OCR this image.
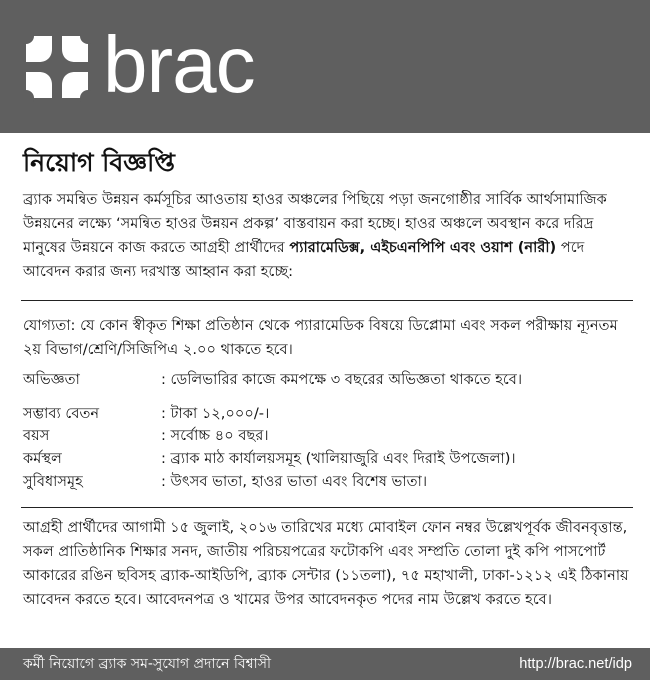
brac
নিয়োগ বিজ্ঞপ্তি
ব্র্যাক সমন্বিত উন্নয়ন কর্মসূচির আওতায় হাওর অঞ্চলের পিছিয়ে পড়া জনগোষ্ঠীর সার্বিক আর্থসামাজিক উন্নয়নের লক্ষ্যে ‘সমন্বিত হাওর উন্নয়ন প্রকল্প’ বাস্তবায়ন করা হচ্ছে। হাওর অঞ্চলে অবস্থান করে দরিদ্র মানুষের উন্নয়নে কাজ করতে আগ্রহী প্রার্থীদের প্যারামেডিক্স, এইচএনপিপি এবং ওয়াশ (নারী) পদে আবেদন করার জন্য দরখাস্ত আহ্বান করা হচ্ছে:
যোগ্যতা: যে কোন স্বীকৃত শিক্ষা প্রতিষ্ঠান থেকে প্যারামেডিক বিষয়ে ডিপ্লোমা এবং সকল পরীক্ষায় ন্যূনতম ২য় বিভাগ/শ্রেণি/সিজিপিএ ২.০০ থাকতে হবে।
অভিজ্ঞতা	: ডেলিভারির কাজে কমপক্ষে ৩ বছরের অভিজ্ঞতা থাকতে হবে।
সম্ভাব্য বেতন	: টাকা ১২,০০০/-।
বয়স	: সর্বোচ্চ ৪০ বছর।
কর্মস্থল	: ব্র্যাক মাঠ কার্যালয়সমূহ (খালিয়াজুরি এবং দিরাই উপজেলা)।
সুবিধাসমূহ	: উৎসব ভাতা, হাওর ভাতা এবং বিশেষ ভাতা।
আগ্রহী প্রার্থীদের আগামী ১৫ জুলাই, ২০১৬ তারিখের মধ্যে মোবাইল ফোন নম্বর উল্লেখপূর্বক জীবনবৃত্তান্ত, সকল প্রাতিষ্ঠানিক শিক্ষার সনদ, জাতীয় পরিচয়পত্রের ফটোকপি এবং সম্প্রতি তোলা দুই কপি পাসপোর্ট আকারের রঙিন ছবিসহ ব্র্যাক-আইডিপি, ব্র্যাক সেন্টার (১১তলা), ৭৫ মহাখালী, ঢাকা-১২১২ এই ঠিকানায় আবেদন করতে হবে। আবেদনপত্র ও খামের উপর আবেদনকৃত পদের নাম উল্লেখ করতে হবে।
কর্মী নিয়োগে ব্র্যাক সম-সুযোগ প্রদানে বিশ্বাসী	http://brac.net/idp
